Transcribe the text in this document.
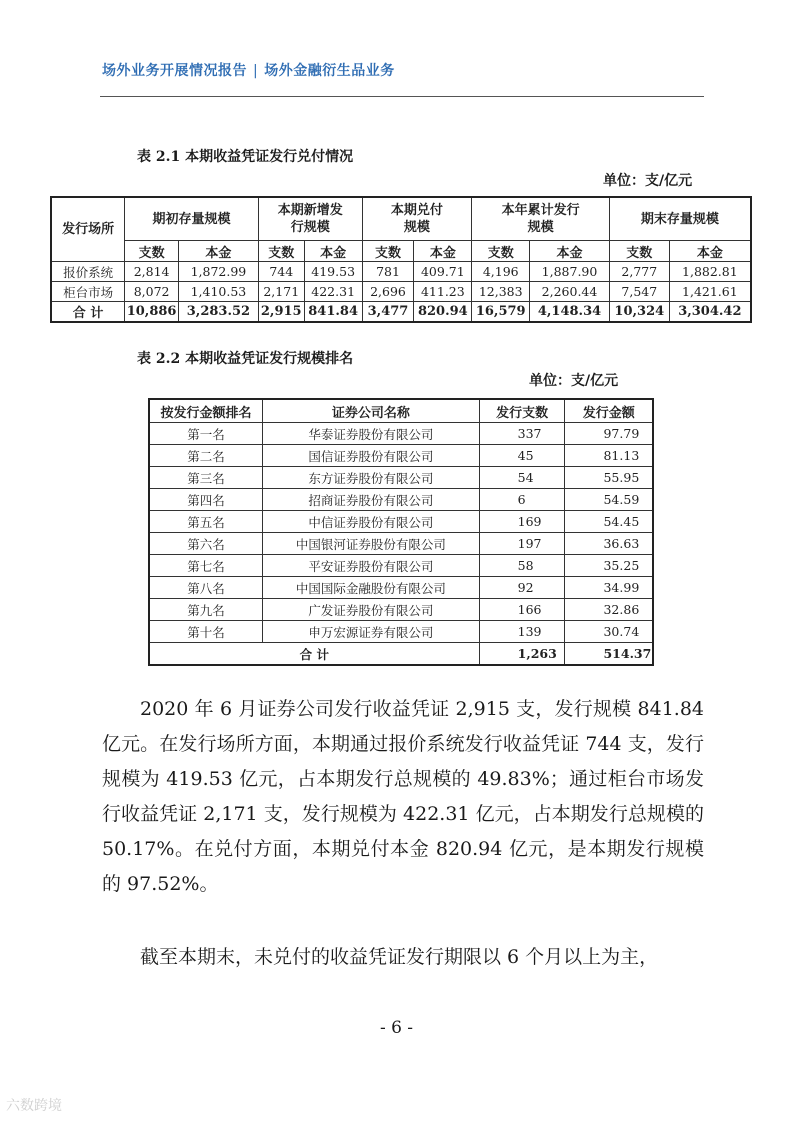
场外业务开展情况报告 | 场外金融衍生品业务
表 2.1 本期收益凭证发行兑付情况
单位：支/亿元
发行场所	期初存量规模		本期新增发行规模		本期兑付规模		本年累计发行规模		期末存量规模	
	支数	本金	支数	本金	支数	本金	支数	本金	支数	本金
报价系统	2,814	1,872.99	744	419.53	781	409.71	4,196	1,887.90	2,777	1,882.81
柜台市场	8,072	1,410.53	2,171	422.31	2,696	411.23	12,383	2,260.44	7,547	1,421.61
合 计	10,886	3,283.52	2,915	841.84	3,477	820.94	16,579	4,148.34	10,324	3,304.42
表 2.2 本期收益凭证发行规模排名
单位：支/亿元
按发行金额排名	证券公司名称	发行支数	发行金额
第一名	华泰证券股份有限公司	337	97.79
第二名	国信证券股份有限公司	45	81.13
第三名	东方证券股份有限公司	54	55.95
第四名	招商证券股份有限公司	6	54.59
第五名	中信证券股份有限公司	169	54.45
第六名	中国银河证券股份有限公司	197	36.63
第七名	平安证券股份有限公司	58	35.25
第八名	中国国际金融股份有限公司	92	34.99
第九名	广发证券股份有限公司	166	32.86
第十名	申万宏源证券有限公司	139	30.74
合 计		1,263	514.37
2020 年 6 月证券公司发行收益凭证 2,915 支，发行规模 841.84 亿元。在发行场所方面，本期通过报价系统发行收益凭证 744 支，发行规模为 419.53 亿元，占本期发行总规模的 49.83%；通过柜台市场发行收益凭证 2,171 支，发行规模为 422.31 亿元，占本期发行总规模的 50.17%。在兑付方面，本期兑付本金 820.94 亿元，是本期发行规模的 97.52%。
截至本期末，未兑付的收益凭证发行期限以 6 个月以上为主，
- 6 -
六数跨境
